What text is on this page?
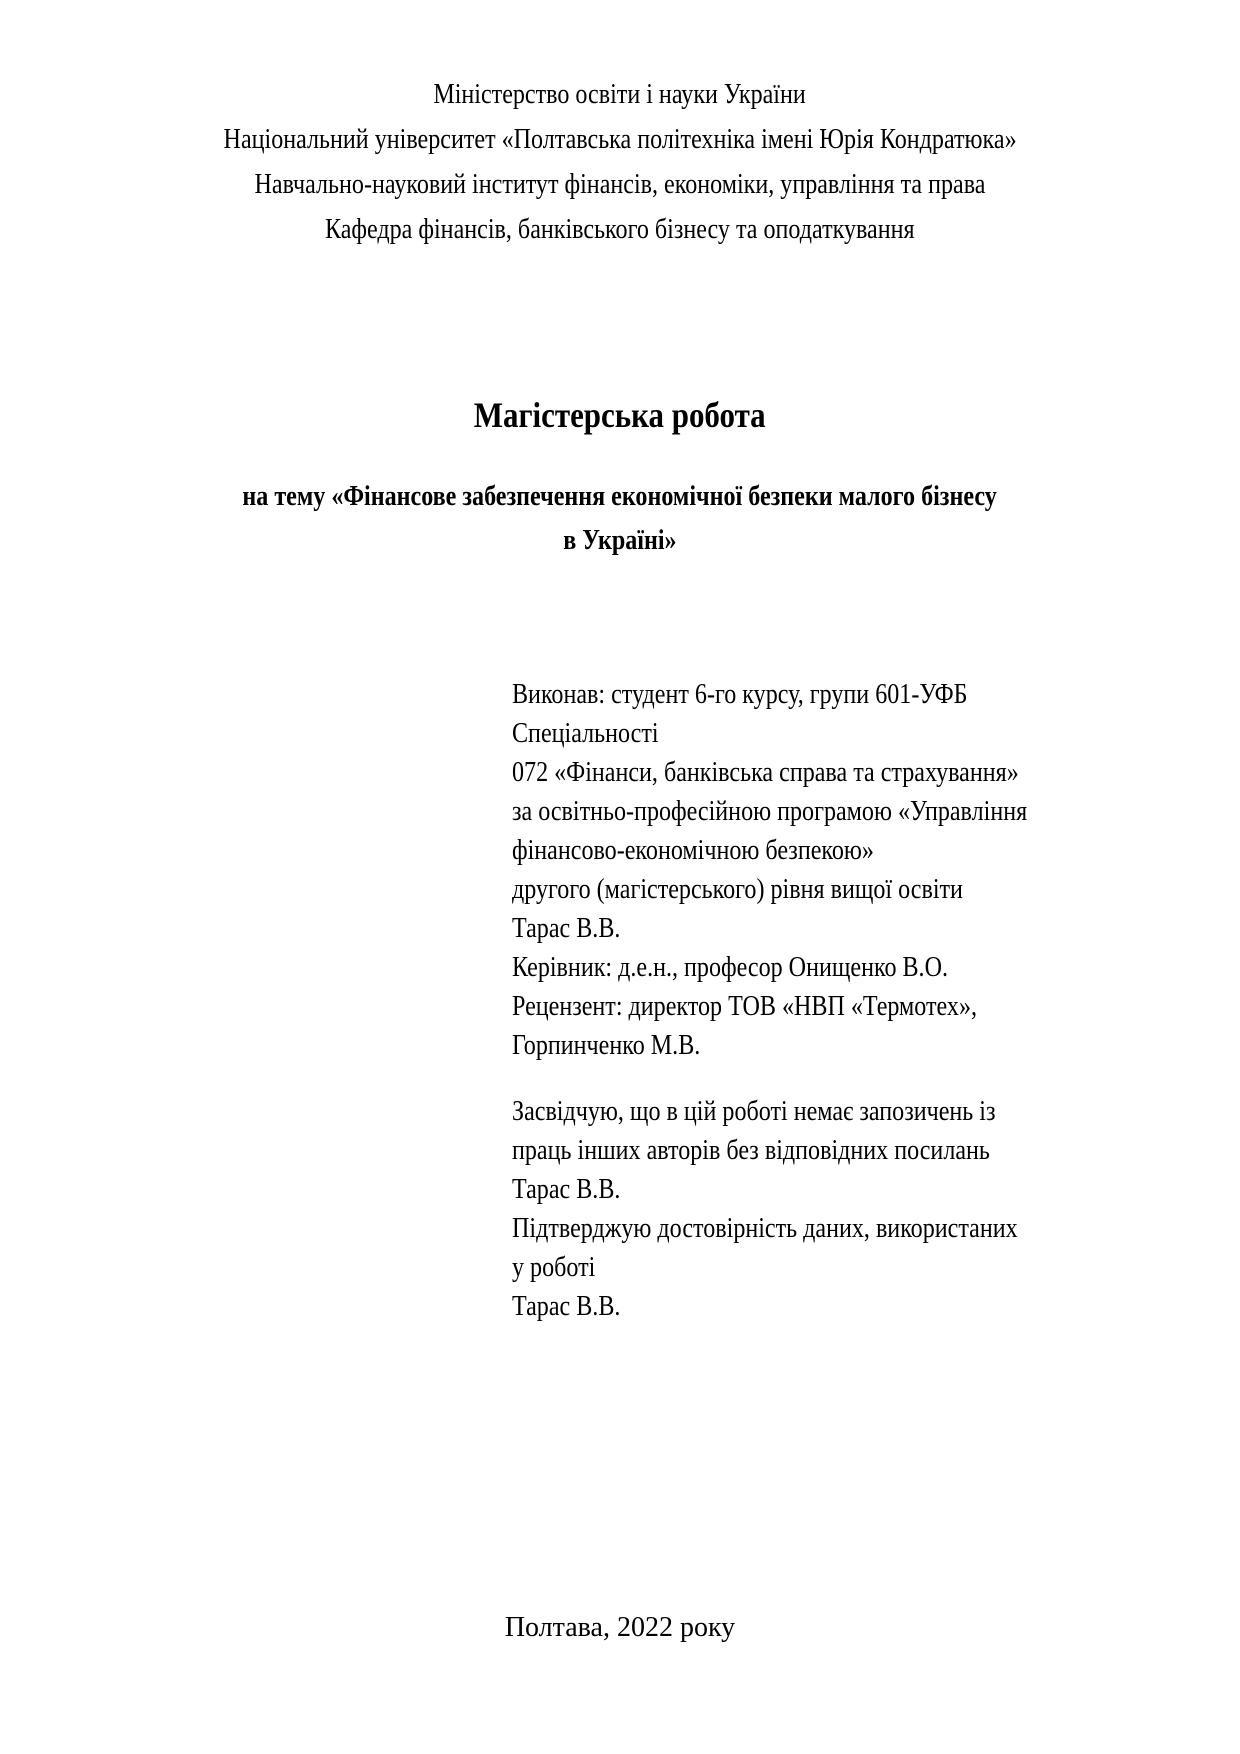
Міністерство освіти і науки України
Національний університет «Полтавська політехніка імені Юрія Кондратюка»
Навчально-науковий інститут фінансів, економіки, управління та права
Кафедра фінансів, банківського бізнесу та оподаткування
Магістерська робота
на тему «Фінансове забезпечення економічної безпеки малого бізнесу
в Україні»
Виконав: студент 6-го курсу, групи 601-УФБ
Спеціальності
072 «Фінанси, банківська справа та страхування»
за освітньо-професійною програмою «Управління
фінансово-економічною безпекою»
другого (магістерського) рівня вищої освіти
Тарас В.В.
Керівник: д.е.н., професор Онищенко В.О.
Рецензент: директор ТОВ «НВП «Термотех»,
Горпинченко М.В.
Засвідчую, що в цій роботі немає запозичень із
праць інших авторів без відповідних посилань
Тарас В.В.
Підтверджую достовірність даних, використаних
у роботі
Тарас В.В.
Полтава, 2022 року
